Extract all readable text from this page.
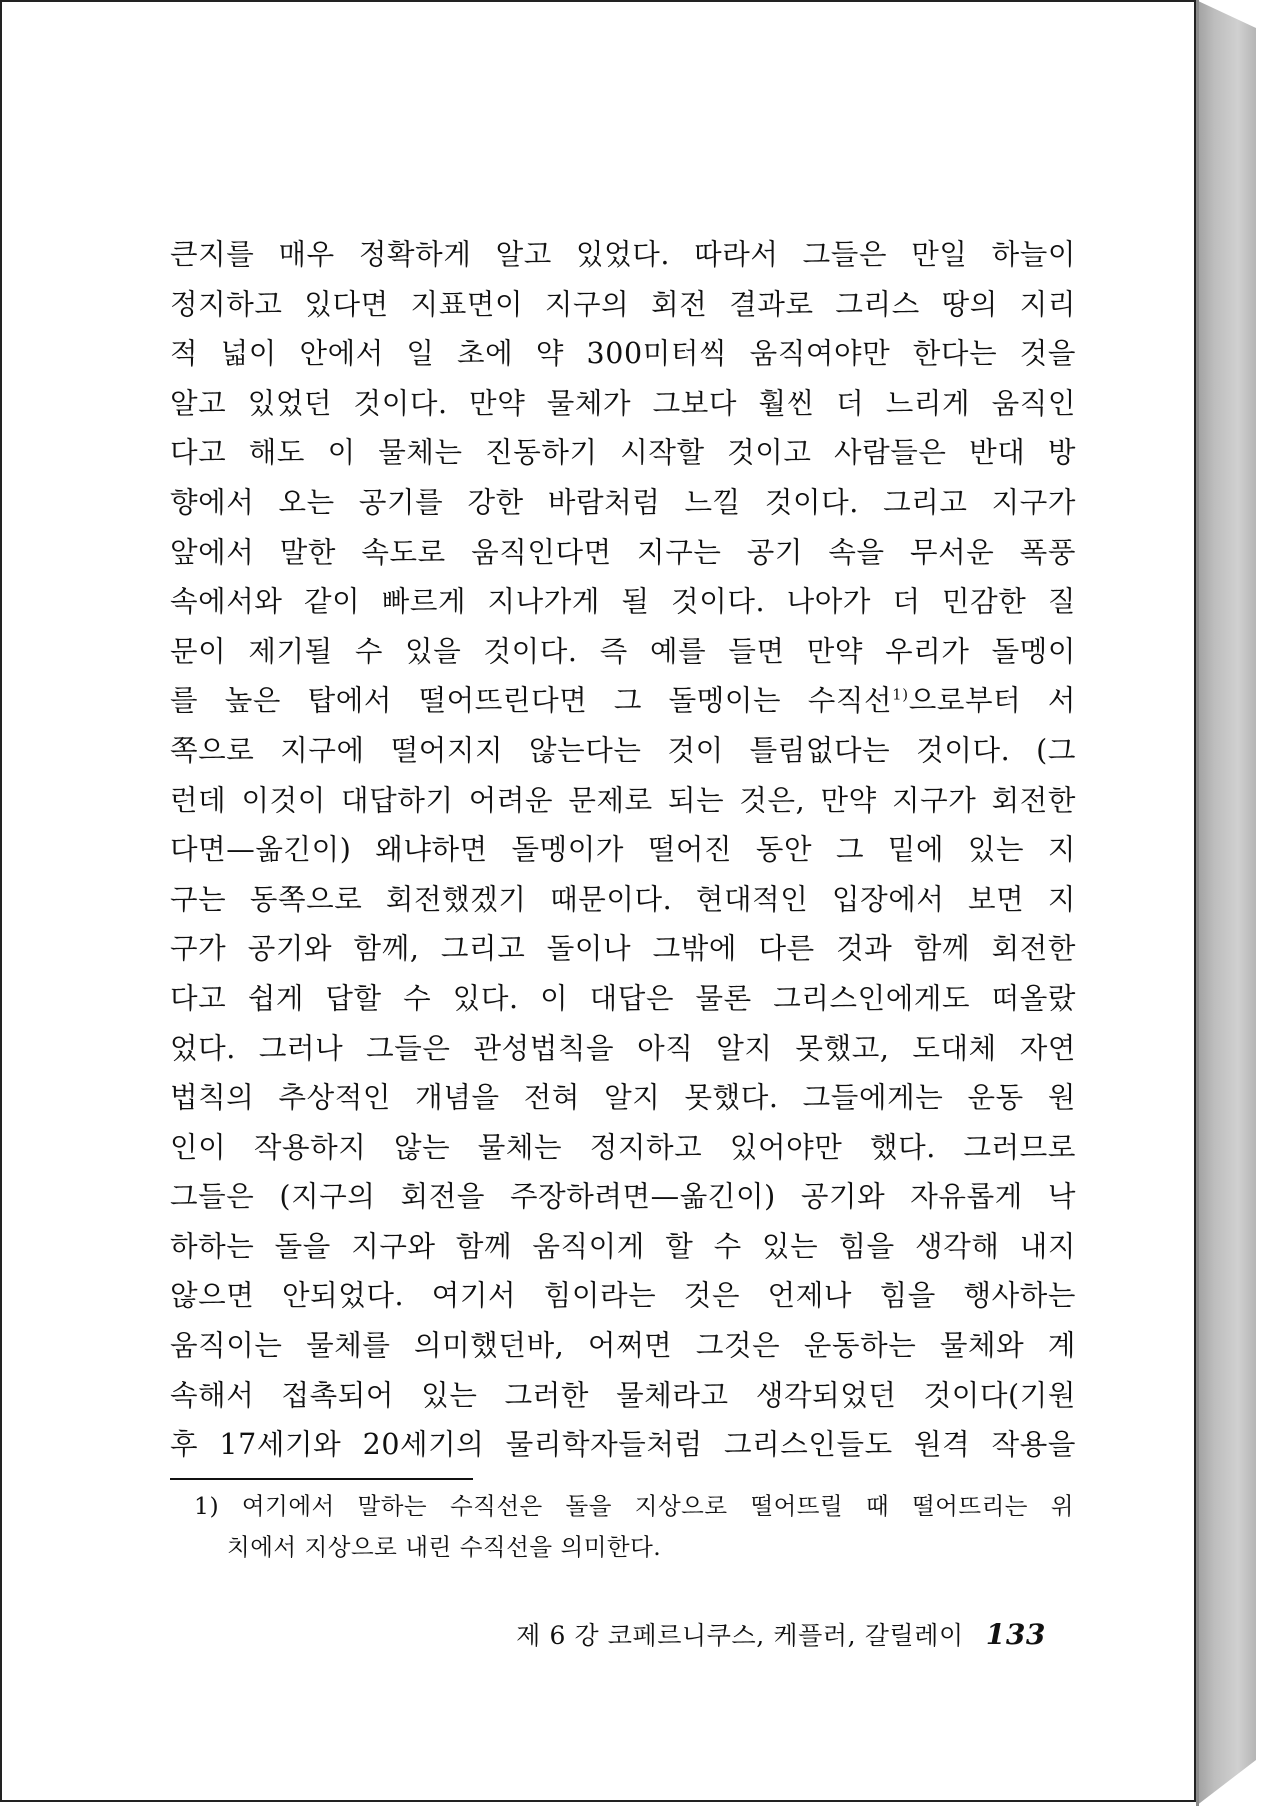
큰지를 매우 정확하게 알고 있었다. 따라서 그들은 만일 하늘이
정지하고 있다면 지표면이 지구의 회전 결과로 그리스 땅의 지리
적 넓이 안에서 일 초에 약 300미터씩 움직여야만 한다는 것을
알고 있었던 것이다. 만약 물체가 그보다 훨씬 더 느리게 움직인
다고 해도 이 물체는 진동하기 시작할 것이고 사람들은 반대 방
향에서 오는 공기를 강한 바람처럼 느낄 것이다. 그리고 지구가
앞에서 말한 속도로 움직인다면 지구는 공기 속을 무서운 폭풍
속에서와 같이 빠르게 지나가게 될 것이다. 나아가 더 민감한 질
문이 제기될 수 있을 것이다. 즉 예를 들면 만약 우리가 돌멩이
를 높은 탑에서 떨어뜨린다면 그 돌멩이는 수직선$^{1)}$으로부터 서
쪽으로 지구에 떨어지지 않는다는 것이 틀림없다는 것이다. (그
런데 이것이 대답하기 어려운 문제로 되는 것은, 만약 지구가 회전한
다면—옮긴이) 왜냐하면 돌멩이가 떨어진 동안 그 밑에 있는 지
구는 동쪽으로 회전했겠기 때문이다. 현대적인 입장에서 보면 지
구가 공기와 함께, 그리고 돌이나 그밖에 다른 것과 함께 회전한
다고 쉽게 답할 수 있다. 이 대답은 물론 그리스인에게도 떠올랐
었다. 그러나 그들은 관성법칙을 아직 알지 못했고, 도대체 자연
법칙의 추상적인 개념을 전혀 알지 못했다. 그들에게는 운동 원
인이 작용하지 않는 물체는 정지하고 있어야만 했다. 그러므로
그들은 (지구의 회전을 주장하려면—옮긴이) 공기와 자유롭게 낙
하하는 돌을 지구와 함께 움직이게 할 수 있는 힘을 생각해 내지
않으면 안되었다. 여기서 힘이라는 것은 언제나 힘을 행사하는
움직이는 물체를 의미했던바, 어쩌면 그것은 운동하는 물체와 계
속해서 접촉되어 있는 그러한 물체라고 생각되었던 것이다(기원
후 17세기와 20세기의 물리학자들처럼 그리스인들도 원격 작용을
1) 여기에서 말하는 수직선은 돌을 지상으로 떨어뜨릴 때 떨어뜨리는 위
치에서 지상으로 내린 수직선을 의미한다.
제 6 강 코페르니쿠스, 케플러, 갈릴레이 133
